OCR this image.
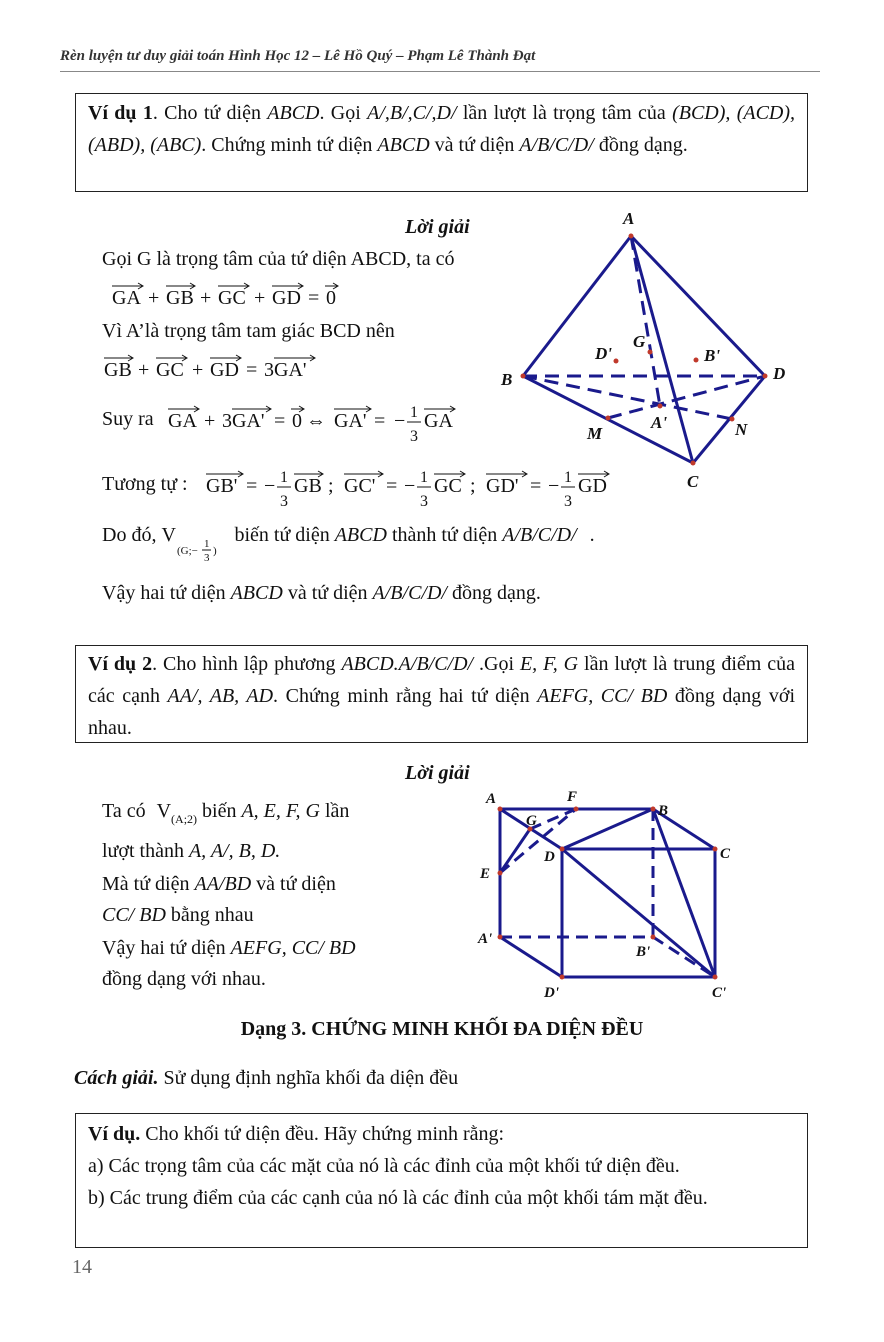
Rèn luyện tư duy giải toán Hình Học 12 – Lê Hồ Quý – Phạm Lê Thành Đạt
Ví dụ 1. Cho tứ diện ABCD. Gọi A/,B/,C/,D/ lần lượt là trọng tâm của (BCD), (ACD), (ABD), (ABC). Chứng minh tứ diện ABCD và tứ diện A/B/C/D/ đồng dạng.
Lời giải
Gọi G là trọng tâm của tứ diện ABCD, ta có
GA + GB + GC + GD = 0
Vì A’là trọng tâm tam giác BCD nên
GB + GC + GD = 3GA'
Suy ra GA + 3GA' = 0 ⇔ GA' = − 1
3
GA
Tương tự : GB' = − 1
3
GB ; GC' = − 1
3
GC ; GD' = − 1
3
GD
Do đó, V
(G;−
1
3
)
biến tứ diện ABCD thành tứ diện A/B/C/D/ .
Vậy hai tứ diện ABCD và tứ diện A/B/C/D/ đồng dạng.
A
B
C
D
M	N
G
A'
B'
D'
Ví dụ 2. Cho hình lập phương ABCD.A/B/C/D/ .Gọi E, F, G lần lượt là trung điểm của các cạnh AA/, AB, AD. Chứng minh rằng hai tứ diện AEFG, CC/ BD đồng dạng với nhau.
Lời giải
Ta có $V_{(A;2)}$ biến A, E, F, G lần
lượt thành A, A/, B, D.
Mà tứ diện AA/BD và tứ diện
CC/ BD bằng nhau
Vậy hai tứ diện AEFG, CC/ BD
đồng dạng với nhau.
A	F
B
G
D	C
E
A'
B'
D'	C'
Dạng 3. CHỨNG MINH KHỐI ĐA DIỆN ĐỀU
Cách giải. Sử dụng định nghĩa khối đa diện đều
Ví dụ. Cho khối tứ diện đều. Hãy chứng minh rằng:
a) Các trọng tâm của các mặt của nó là các đỉnh của một khối tứ diện đều.
b) Các trung điểm của các cạnh của nó là các đỉnh của một khối tám mặt đều.
14
